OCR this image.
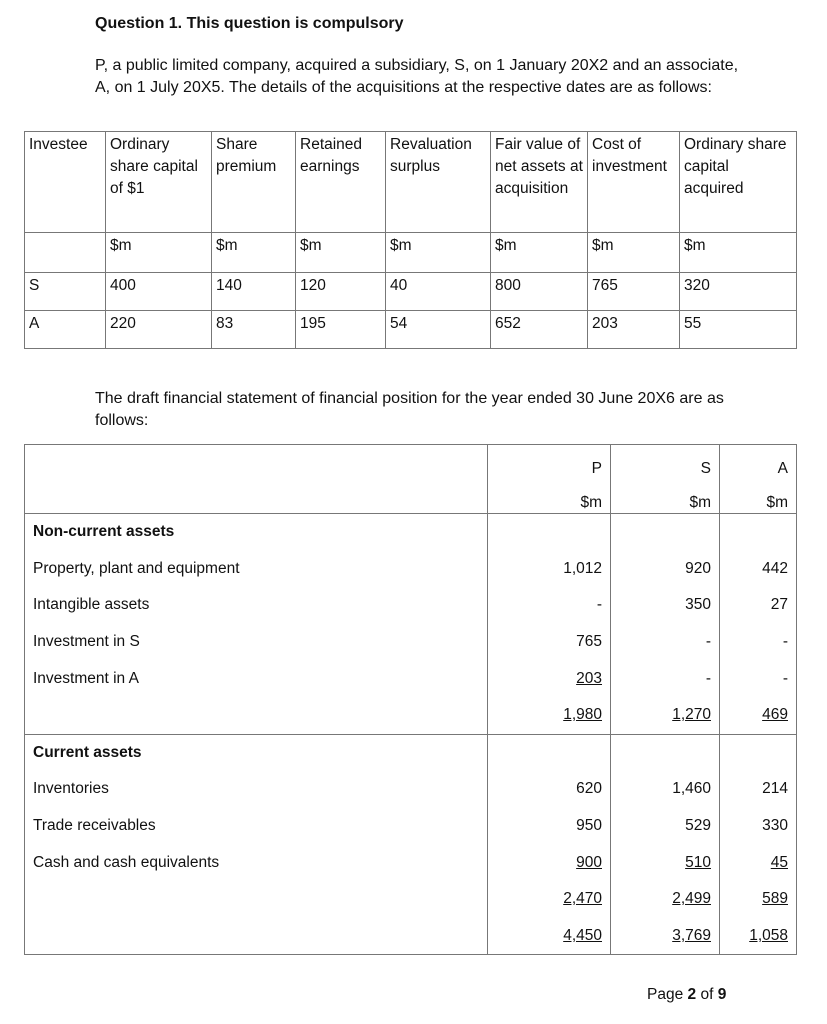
Question 1. This question is compulsory
P, a public limited company, acquired a subsidiary, S, on 1 January 20X2 and an associate, A, on 1 July 20X5. The details of the acquisitions at the respective dates are as follows:
Investee	Ordinary share capital of $1	Share premium	Retained earnings	Revaluation surplus	Fair value of net assets at acquisition	Cost of investment	Ordinary share capital acquired
	$m	$m	$m	$m	$m	$m	$m
S	400	140	120	40	800	765	320
A	220	83	195	54	652	203	55
The draft financial statement of financial position for the year ended 30 June 20X6 are as follows:
	P	S	A
	$m	$m	$m
Non-current assets			
Property, plant and equipment	1,012	920	442
Intangible assets	-	350	27
Investment in S	765	-	-
Investment in A	203	-	-
	1,980	1,270	469
Current assets			
Inventories	620	1,460	214
Trade receivables	950	529	330
Cash and cash equivalents	900	510	45
	2,470	2,499	589
	4,450	3,769	1,058
Page 2 of 9
